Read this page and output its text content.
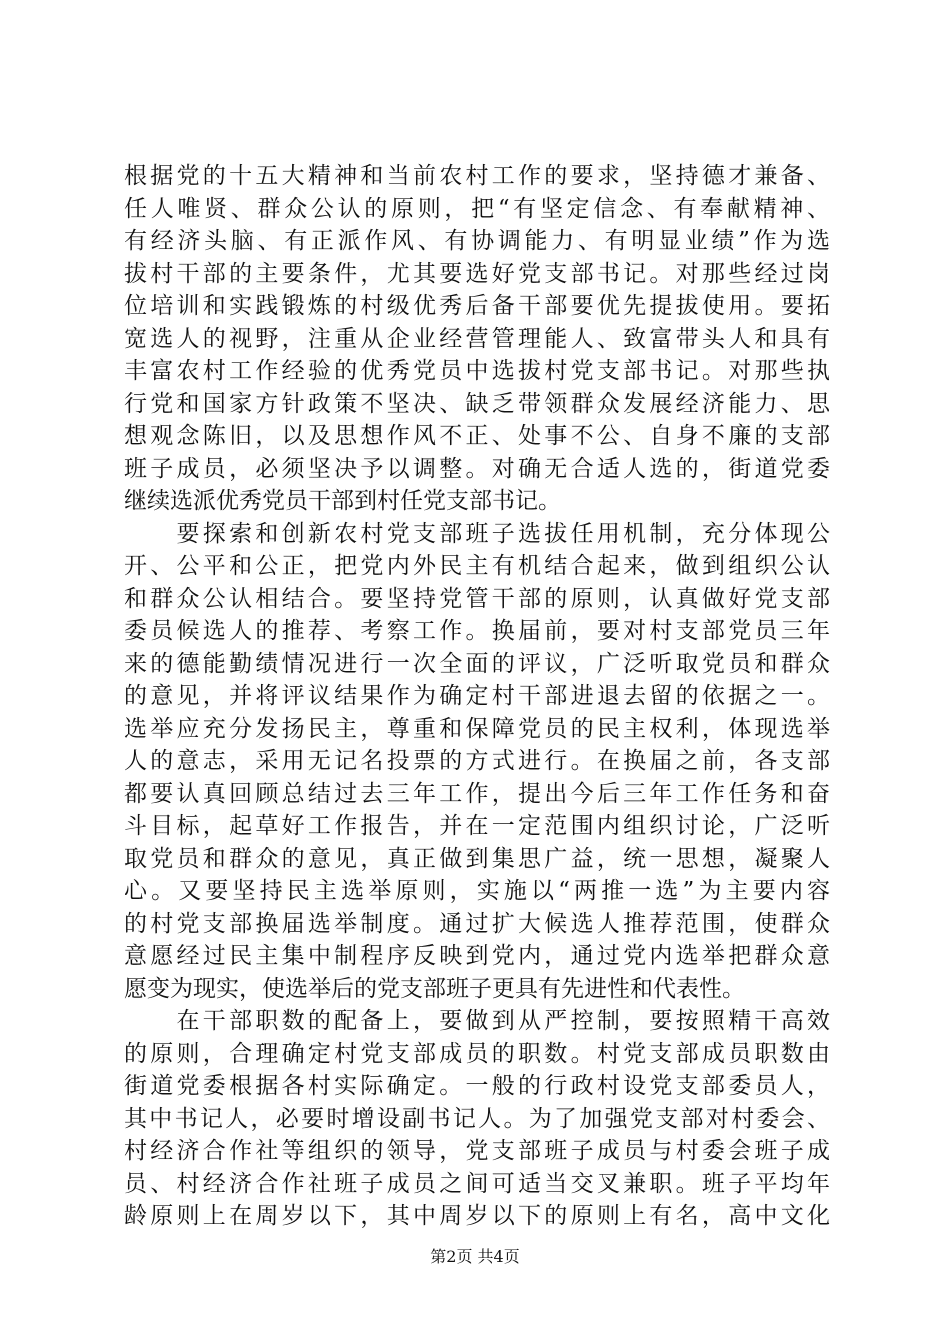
根据党的十五大精神和当前农村工作的要求，坚持德才兼备、
任人唯贤、群众公认的原则，把“有坚定信念、有奉献精神、
有经济头脑、有正派作风、有协调能力、有明显业绩”作为选
拔村干部的主要条件，尤其要选好党支部书记。对那些经过岗
位培训和实践锻炼的村级优秀后备干部要优先提拔使用。要拓
宽选人的视野，注重从企业经营管理能人、致富带头人和具有
丰富农村工作经验的优秀党员中选拔村党支部书记。对那些执
行党和国家方针政策不坚决、缺乏带领群众发展经济能力、思
想观念陈旧，以及思想作风不正、处事不公、自身不廉的支部
班子成员，必须坚决予以调整。对确无合适人选的，街道党委
继续选派优秀党员干部到村任党支部书记。
　　要探索和创新农村党支部班子选拔任用机制，充分体现公
开、公平和公正，把党内外民主有机结合起来，做到组织公认
和群众公认相结合。要坚持党管干部的原则，认真做好党支部
委员候选人的推荐、考察工作。换届前，要对村支部党员三年
来的德能勤绩情况进行一次全面的评议，广泛听取党员和群众
的意见，并将评议结果作为确定村干部进退去留的依据之一。
选举应充分发扬民主，尊重和保障党员的民主权利，体现选举
人的意志，采用无记名投票的方式进行。在换届之前，各支部
都要认真回顾总结过去三年工作，提出今后三年工作任务和奋
斗目标，起草好工作报告，并在一定范围内组织讨论，广泛听
取党员和群众的意见，真正做到集思广益，统一思想，凝聚人
心。又要坚持民主选举原则，实施以“两推一选”为主要内容
的村党支部换届选举制度。通过扩大候选人推荐范围，使群众
意愿经过民主集中制程序反映到党内，通过党内选举把群众意
愿变为现实，使选举后的党支部班子更具有先进性和代表性。
　　在干部职数的配备上，要做到从严控制，要按照精干高效
的原则，合理确定村党支部成员的职数。村党支部成员职数由
街道党委根据各村实际确定。一般的行政村设党支部委员人，
其中书记人，必要时增设副书记人。为了加强党支部对村委会、
村经济合作社等组织的领导，党支部班子成员与村委会班子成
员、村经济合作社班子成员之间可适当交叉兼职。班子平均年
龄原则上在周岁以下，其中周岁以下的原则上有名，高中文化
第2页 共4页
